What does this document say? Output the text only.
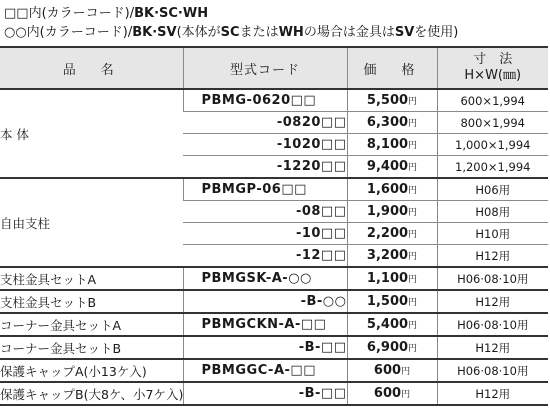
□□内(カラーコード)/BK·SC·WH
○○内(カラーコード)/BK·SV(本体がSCまたはWHの場合は金具はSVを使用)
品　名	型式コード	価　格	寸　法
H×W(㎜)

本 体	PBMG-0620□□	5,500円	600×1,994
	-0820□□	6,300円	800×1,994
	-1020□□	8,100円	1,000×1,994
	-1220□□	9,400円	1,200×1,994
自由支柱	PBMGP-06□□	1,600円	H06用
	-08□□	1,900円	H08用
	-10□□	2,200円	H10用
	-12□□	3,200円	H12用
支柱金具セットA	PBMGSK-A-○○	1,100円	H06·08·10用
支柱金具セットB	-B-○○	1,500円	H12用
コーナー金具セットA	PBMGCKN-A-□□	5,400円	H06·08·10用
コーナー金具セットB	-B-□□	6,900円	H12用
保護キャップA(小13ケ入)	PBMGGC-A-□□	600円	H06·08·10用
保護キャップB(大8ケ、小7ケ入)	-B-□□	600円	H12用
